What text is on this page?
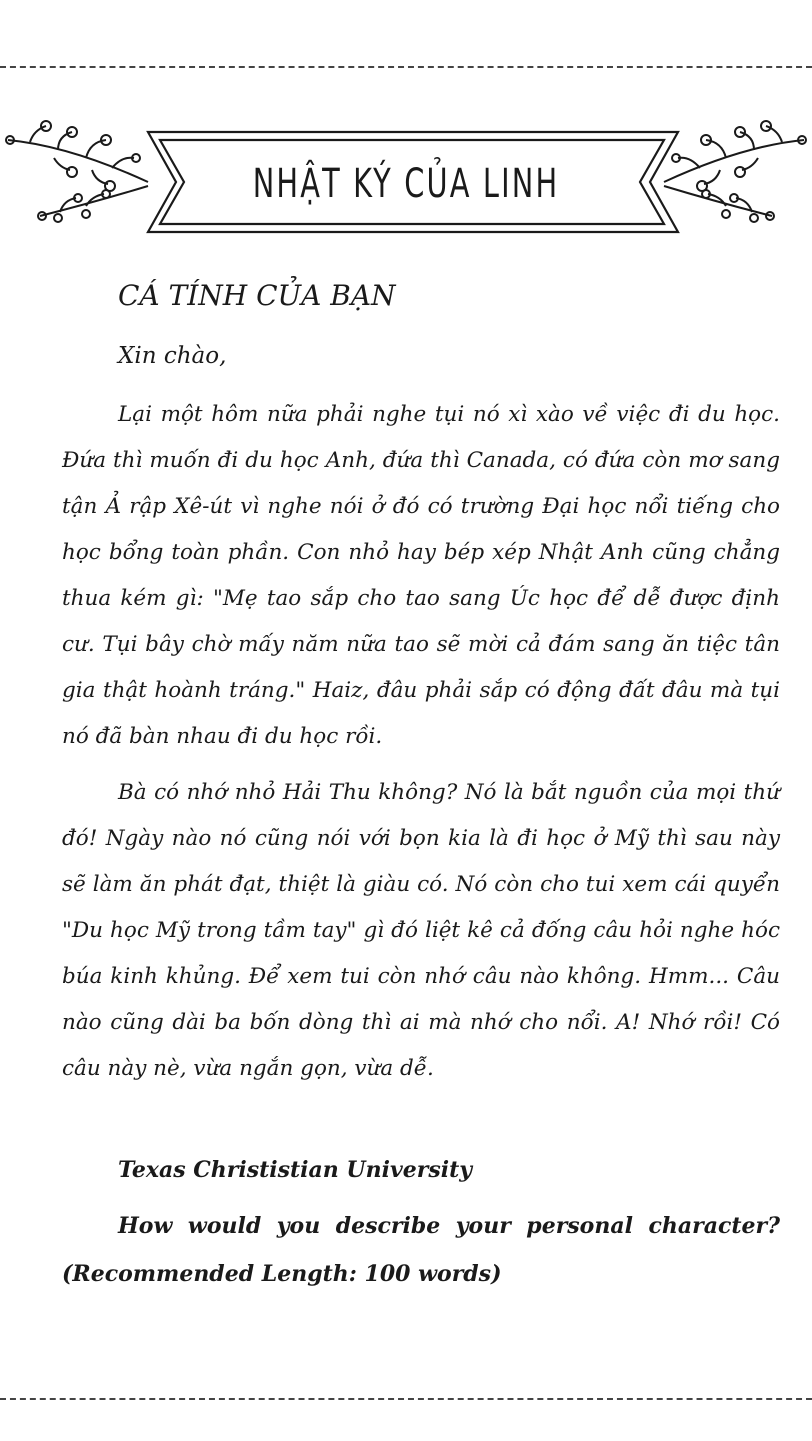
NHẬT KÝ CỦA LINH
CÁ TÍNH CỦA BẠN

Xin chào,

Lại một hôm nữa phải nghe tụi nó xì xào về việc đi du học. Đứa thì muốn đi du học Anh, đứa thì Canada, có đứa còn mơ sang tận Ả rập Xê-út vì nghe nói ở đó có trường Đại học nổi tiếng cho học bổng toàn phần. Con nhỏ hay bép xép Nhật Anh cũng chẳng thua kém gì: "Mẹ tao sắp cho tao sang Úc học để dễ được định cư. Tụi bây chờ mấy năm nữa tao sẽ mời cả đám sang ăn tiệc tân gia thật hoành tráng." Haiz, đâu phải sắp có động đất đâu mà tụi nó đã bàn nhau đi du học rồi.

Bà có nhớ nhỏ Hải Thu không? Nó là bắt nguồn của mọi thứ đó! Ngày nào nó cũng nói với bọn kia là đi học ở Mỹ thì sau này sẽ làm ăn phát đạt, thiệt là giàu có. Nó còn cho tui xem cái quyển "Du học Mỹ trong tầm tay" gì đó liệt kê cả đống câu hỏi nghe hóc búa kinh khủng. Để xem tui còn nhớ câu nào không. Hmm... Câu nào cũng dài ba bốn dòng thì ai mà nhớ cho nổi. A! Nhớ rồi! Có câu này nè, vừa ngắn gọn, vừa dễ.

Texas Christistian University

How would you describe your personal character? (Recommended Length: 100 words)
